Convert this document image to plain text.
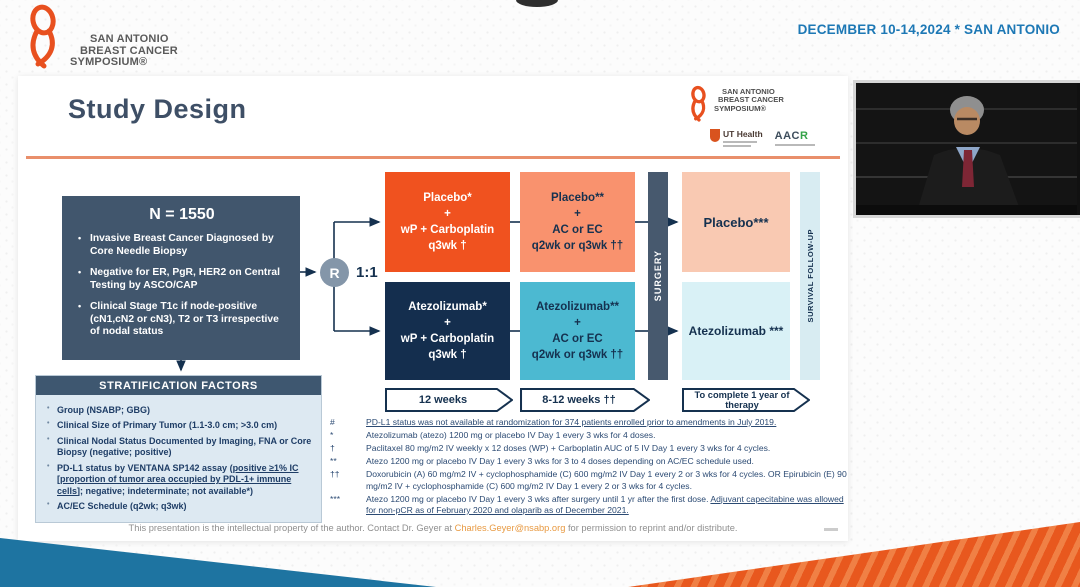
SAN ANTONIO
BREAST CANCER
SYMPOSIUM®
DECEMBER 10-14,2024 * SAN ANTONIO
Study Design
SAN ANTONIO
BREAST CANCER
SYMPOSIUM®
UT Health AACR
N = 1550
• Invasive Breast Cancer Diagnosed by Core Needle Biopsy
• Negative for ER, PgR, HER2 on Central Testing by ASCO/CAP
• Clinical Stage T1c if node-positive (cN1,cN2 or cN3), T2 or T3 irrespective of nodal status
R	1:1
Placebo*
+
wP + Carboplatin
q3wk †
Placebo**
+
AC or EC
q2wk or q3wk ††
Atezolizumab*
+
wP + Carboplatin
q3wk †
Atezolizumab**
+
AC or EC
q2wk or q3wk ††
SURGERY
Placebo***
Atezolizumab ***
SURVIVAL FOLLOW-UP
12 weeks	8-12 weeks ††	To complete 1 year of therapy
STRATIFICATION FACTORS
• Group (NSABP; GBG)
• Clinical Size of Primary Tumor (1.1-3.0 cm; >3.0 cm)
• Clinical Nodal Status Documented by Imaging, FNA or Core Biopsy (negative; positive)
• PD-L1 status by VENTANA SP142 assay (positive ≥1% IC [proportion of tumor area occupied by PDL-1+ immune cells]; negative; indeterminate; not available*)
• AC/EC Schedule (q2wk; q3wk)
#	PD-L1 status was not available at randomization for 374 patients enrolled prior to amendments in July 2019.
*	Atezolizumab (atezo) 1200 mg or placebo IV Day 1 every 3 wks for 4 doses.
†	Paclitaxel 80 mg/m2 IV weekly x 12 doses (WP) + Carboplatin AUC of 5 IV Day 1 every 3 wks for 4 cycles.
**	Atezo 1200 mg or placebo IV Day 1 every 3 wks for 3 to 4 doses depending on AC/EC schedule used.
††	Doxorubicin (A) 60 mg/m2 IV + cyclophosphamide (C) 600 mg/m2 IV Day 1 every 2 or 3 wks for 4 cycles. OR Epirubicin (E) 90 mg/m2 IV + cyclophosphamide (C) 600 mg/m2 IV Day 1 every 2 or 3 wks for 4 cycles.
***	Atezo 1200 mg or placebo IV Day 1 every 3 wks after surgery until 1 yr after the first dose. Adjuvant capecitabine was allowed for non-pCR as of February 2020 and olaparib as of December 2021.
This presentation is the intellectual property of the author. Contact Dr. Geyer at Charles.Geyer@nsabp.org for permission to reprint and/or distribute.
